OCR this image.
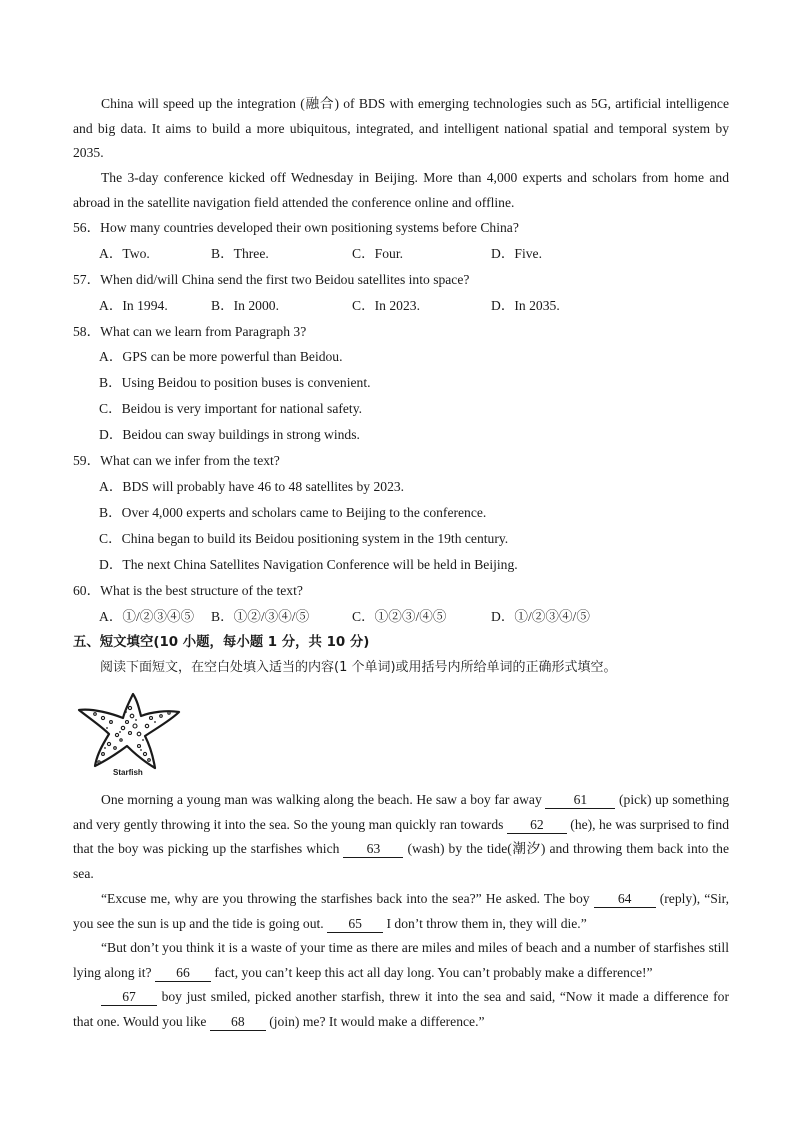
China will speed up the integration (融合) of BDS with emerging technologies such as 5G, artificial intelligence and big data. It aims to build a more ubiquitous, integrated, and intelligent national spatial and temporal system by 2035.

The 3-day conference kicked off Wednesday in Beijing. More than 4,000 experts and scholars from home and abroad in the satellite navigation field attended the conference online and offline.

56．How many countries developed their own positioning systems before China?
A．Two.	B．Three.	C．Four.	D．Five.
57．When did/will China send the first two Beidou satellites into space?
A．In 1994.	B．In 2000.	C．In 2023.	D．In 2035.
58．What can we learn from Paragraph 3?
A．GPS can be more powerful than Beidou.
B．Using Beidou to position buses is convenient.
C．Beidou is very important for national safety.
D．Beidou can sway buildings in strong winds.
59．What can we infer from the text?
A．BDS will probably have 46 to 48 satellites by 2023.
B．Over 4,000 experts and scholars came to Beijing to the conference.
C．China began to build its Beidou positioning system in the 19th century.
D．The next China Satellites Navigation Conference will be held in Beijing.
60．What is the best structure of the text?
A．①/②③④⑤ B．①②/③④/⑤	C．①②③/④⑤	D．①/②③④/⑤
五、短文填空(10 小题，每小题 1 分，共 10 分)
阅读下面短文，在空白处填入适当的内容(1 个单词)或用括号内所给单词的正确形式填空。
Starfish

One morning a young man was walking along the beach. He saw a boy far away 61 (pick) up something and very gently throwing it into the sea. So the young man quickly ran towards 62 (he), he was surprised to find that the boy was picking up the starfishes which 63 (wash) by the tide(潮汐) and throwing them back into the sea.

“Excuse me, why are you throwing the starfishes back into the sea?” He asked. The boy 64 (reply), “Sir, you see the sun is up and the tide is going out. 65 I don’t throw them in, they will die.”

“But don’t you think it is a waste of your time as there are miles and miles of beach and a number of starfishes still lying along it? 66 fact, you can’t keep this act all day long. You can’t probably make a difference!”

67 boy just smiled, picked another starfish, threw it into the sea and said, “Now it made a difference for that one. Would you like 68 (join) me? It would make a difference.”
